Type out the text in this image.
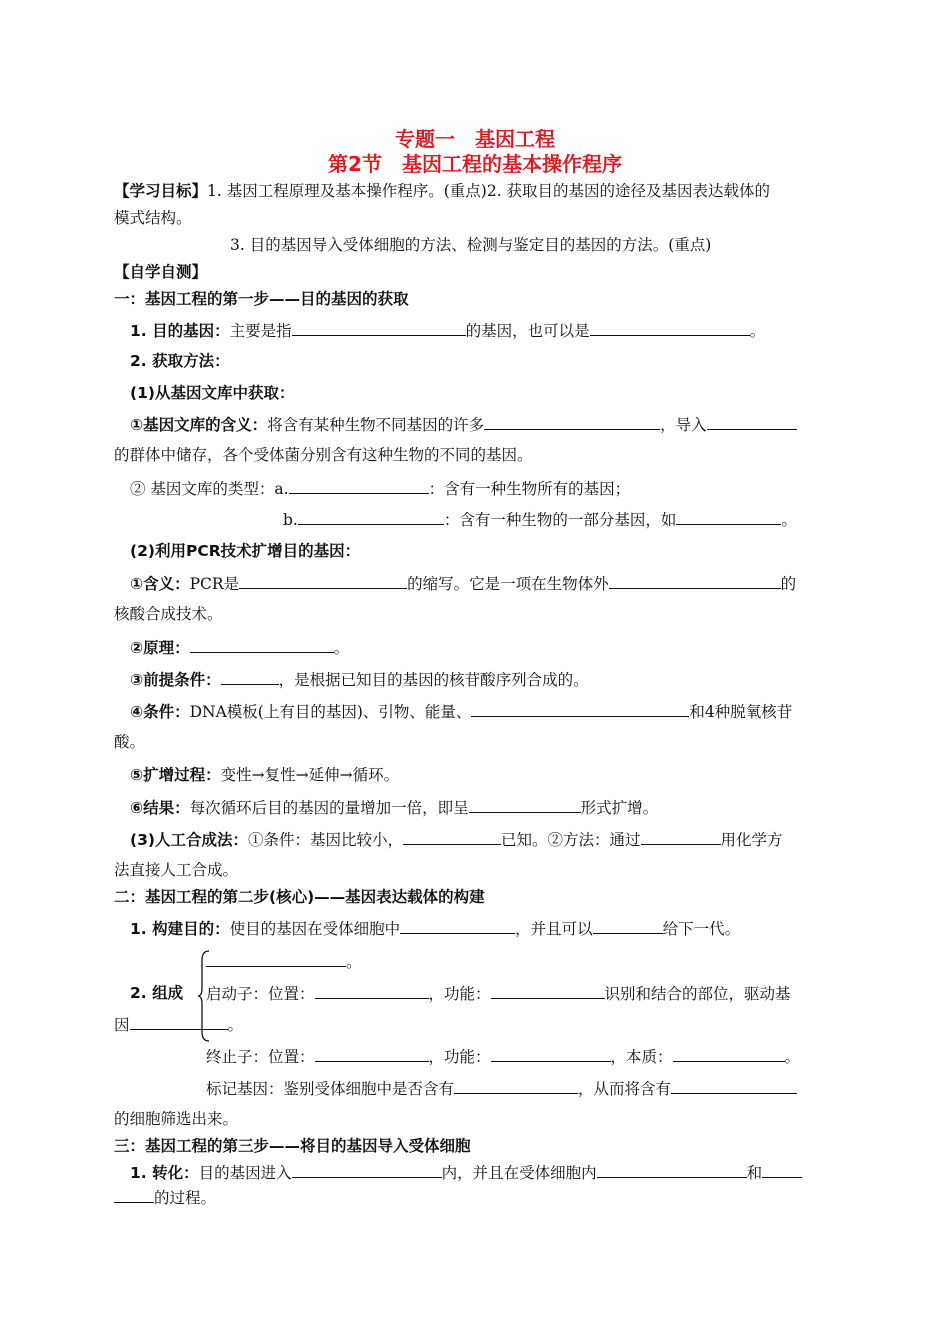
专题一　基因工程
第2节　基因工程的基本操作程序
【学习目标】1. 基因工程原理及基本操作程序。(重点)2. 获取目的基因的途径及基因表达载体的
模式结构。
3. 目的基因导入受体细胞的方法、检测与鉴定目的基因的方法。(重点)
【自学自测】
一：基因工程的第一步——目的基因的获取
1. 目的基因：主要是指	的基因，也可以是	。
2. 获取方法：
(1)从基因文库中获取：
①基因文库的含义：将含有某种生物不同基因的许多	，导入
的群体中储存，各个受体菌分别含有这种生物的不同的基因。
② 基因文库的类型：a.	：含有一种生物所有的基因；
b.	：含有一种生物的一部分基因，如	。
(2)利用PCR技术扩增目的基因：
①含义：PCR是	的缩写。它是一项在生物体外	的
核酸合成技术。
②原理：	。
③前提条件：	，是根据已知目的基因的核苷酸序列合成的。
④条件：DNA模板(上有目的基因)、引物、能量、	和4种脱氧核苷
酸。
⑤扩增过程：变性→复性→延伸→循环。
⑥结果：每次循环后目的基因的量增加一倍，即呈	形式扩增。
(3)人工合成法：①条件：基因比较小，	已知。②方法：通过	用化学方
法直接人工合成。
二：基因工程的第二步(核心)——基因表达载体的构建
1. 构建目的：使目的基因在受体细胞中	，并且可以	给下一代。
。
2. 组成 启动子：位置：	，功能：	识别和结合的部位，驱动基
因	。
终止子：位置：	，功能：	，本质：	。
标记基因：鉴别受体细胞中是否含有	，从而将含有
的细胞筛选出来。
三：基因工程的第三步——将目的基因导入受体细胞
1. 转化：目的基因进入	内，并且在受体细胞内	和
的过程。
